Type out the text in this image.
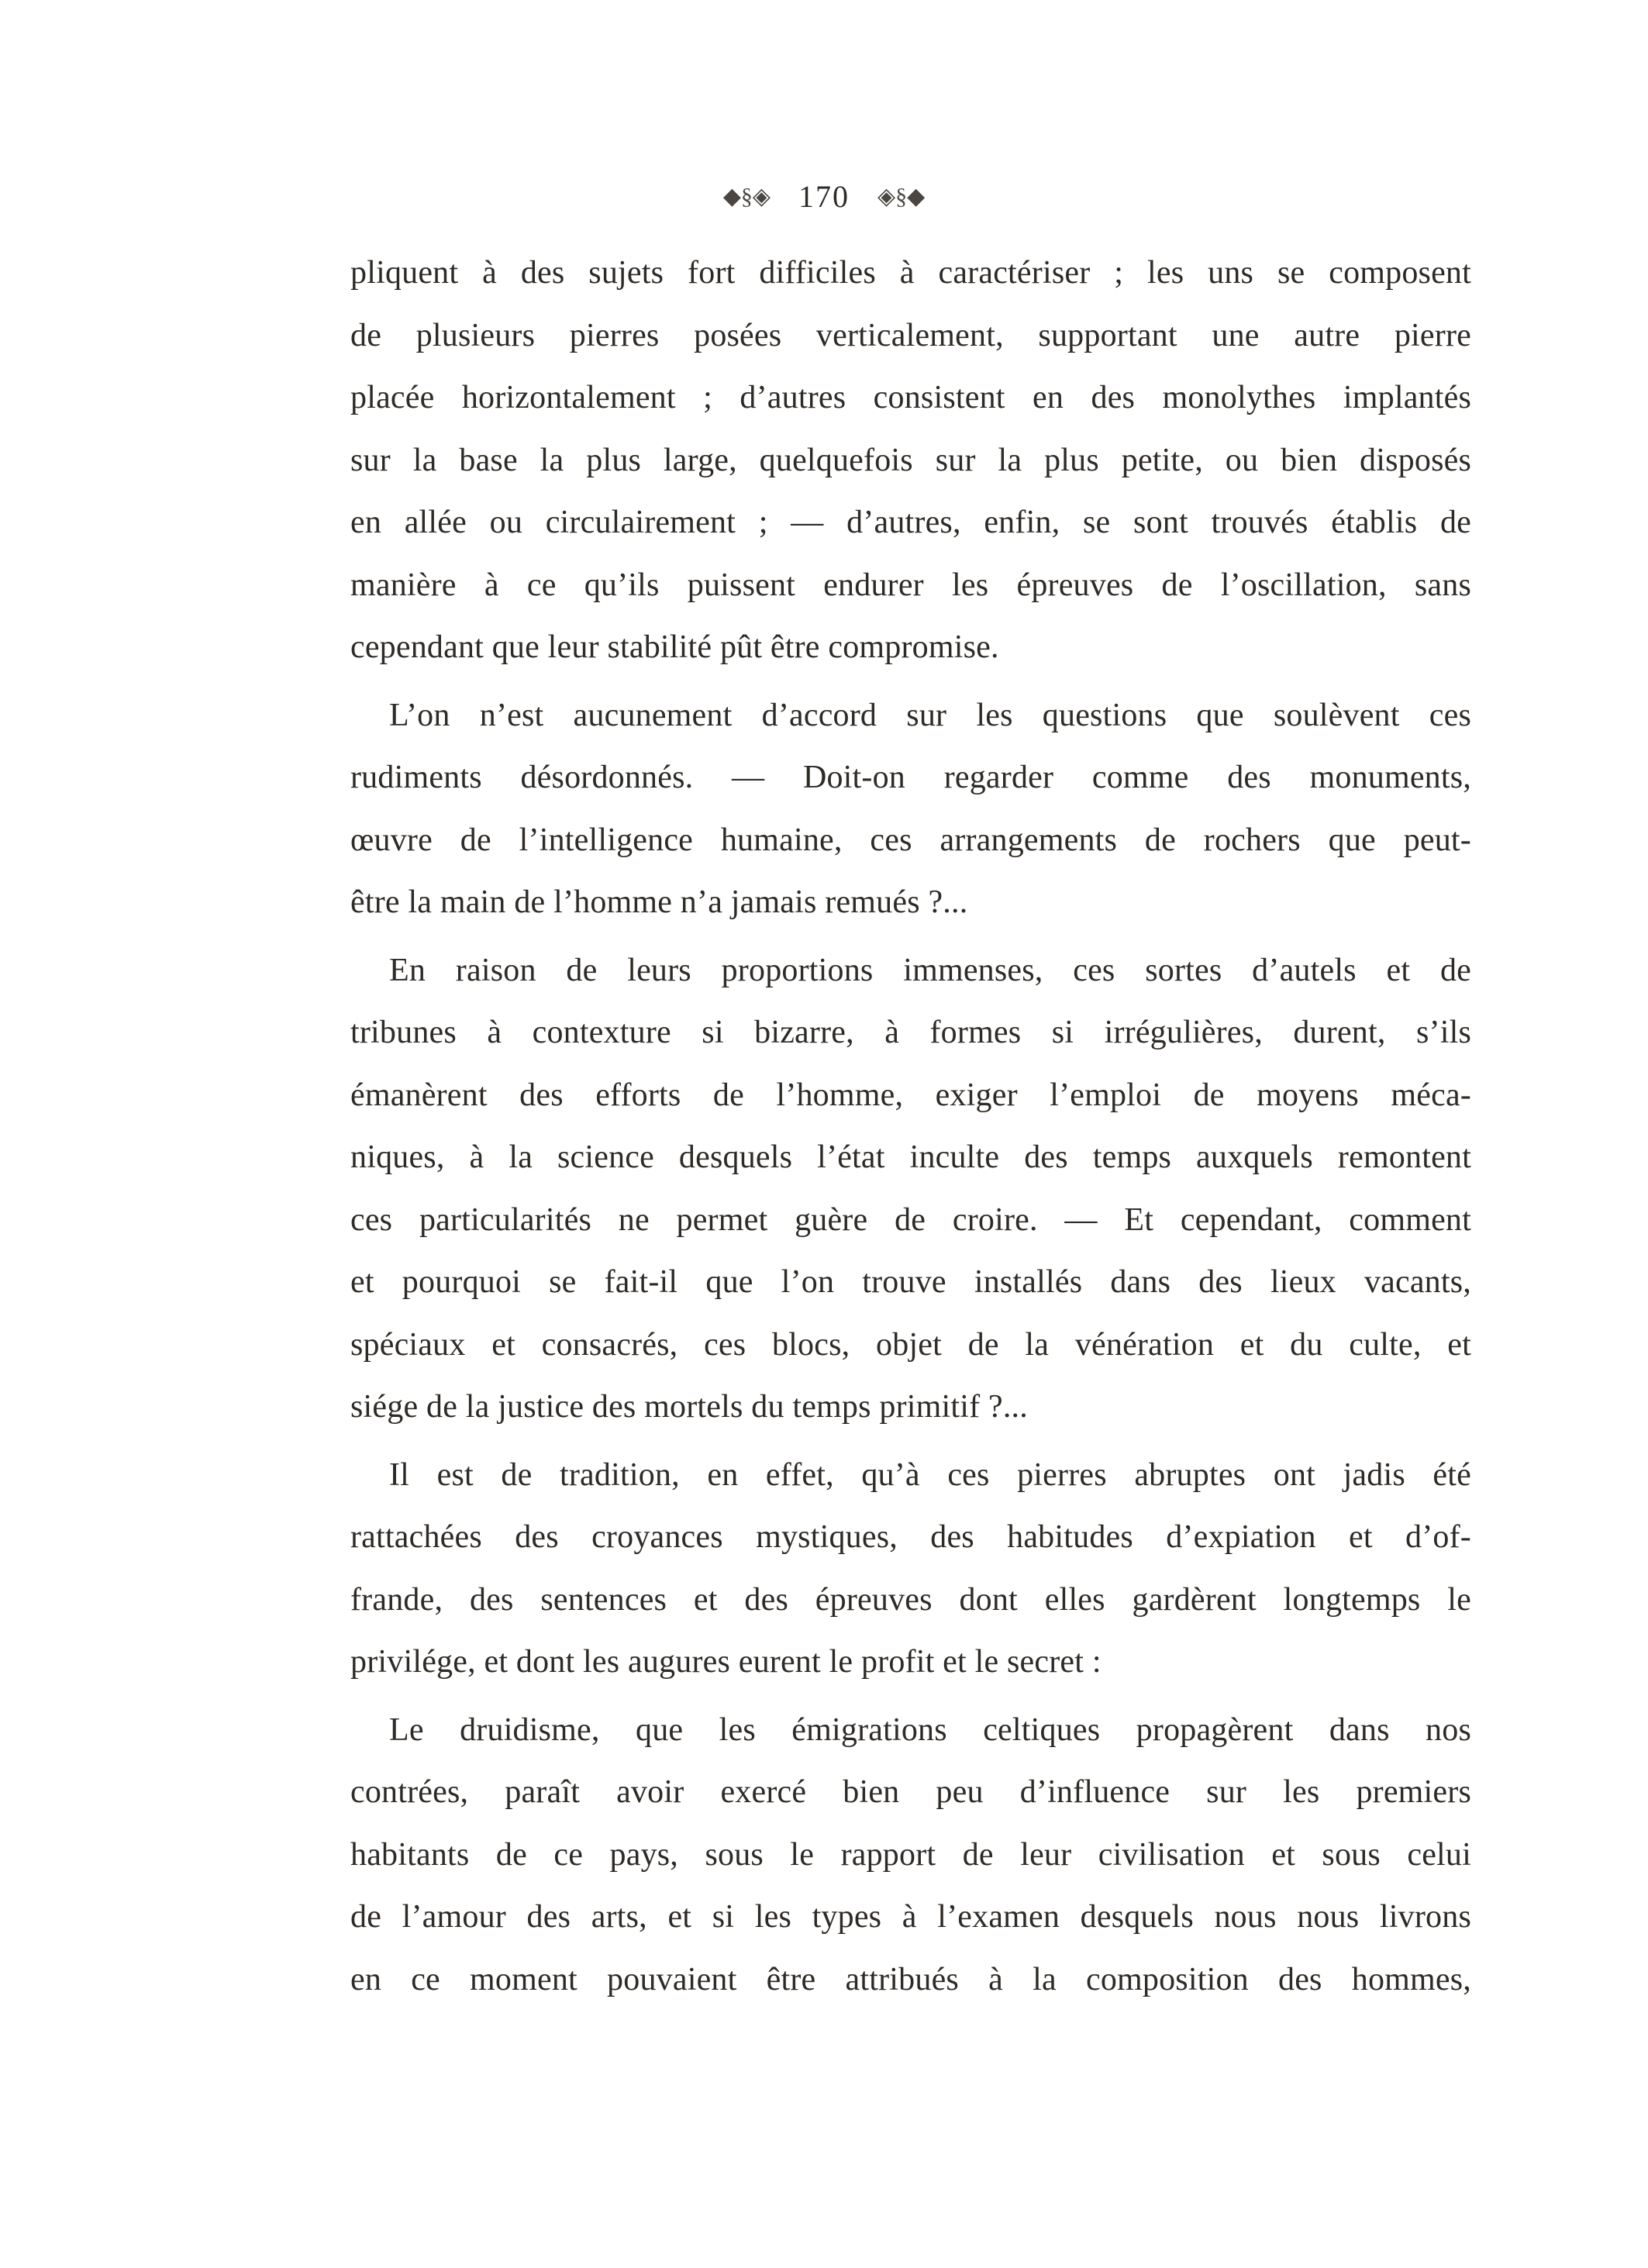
◆§◈ 170 ◈§◆
pliquent à des sujets fort difficiles à caractériser ; les uns se composent
de plusieurs pierres posées verticalement, supportant une autre pierre
placée horizontalement ; d’autres consistent en des monolythes implantés
sur la base la plus large, quelquefois sur la plus petite, ou bien disposés
en allée ou circulairement ; — d’autres, enfin, se sont trouvés établis de
manière à ce qu’ils puissent endurer les épreuves de l’oscillation, sans
cependant que leur stabilité pût être compromise.
L’on n’est aucunement d’accord sur les questions que soulèvent ces
rudiments désordonnés. — Doit-on regarder comme des monuments,
œuvre de l’intelligence humaine, ces arrangements de rochers que peut-
être la main de l’homme n’a jamais remués ?...
En raison de leurs proportions immenses, ces sortes d’autels et de
tribunes à contexture si bizarre, à formes si irrégulières, durent, s’ils
émanèrent des efforts de l’homme, exiger l’emploi de moyens méca-
niques, à la science desquels l’état inculte des temps auxquels remontent
ces particularités ne permet guère de croire. — Et cependant, comment
et pourquoi se fait-il que l’on trouve installés dans des lieux vacants,
spéciaux et consacrés, ces blocs, objet de la vénération et du culte, et
siége de la justice des mortels du temps primitif ?...
Il est de tradition, en effet, qu’à ces pierres abruptes ont jadis été
rattachées des croyances mystiques, des habitudes d’expiation et d’of-
frande, des sentences et des épreuves dont elles gardèrent longtemps le
privilége, et dont les augures eurent le profit et le secret :
Le druidisme, que les émigrations celtiques propagèrent dans nos
contrées, paraît avoir exercé bien peu d’influence sur les premiers
habitants de ce pays, sous le rapport de leur civilisation et sous celui
de l’amour des arts, et si les types à l’examen desquels nous nous livrons
en ce moment pouvaient être attribués à la composition des hommes,
